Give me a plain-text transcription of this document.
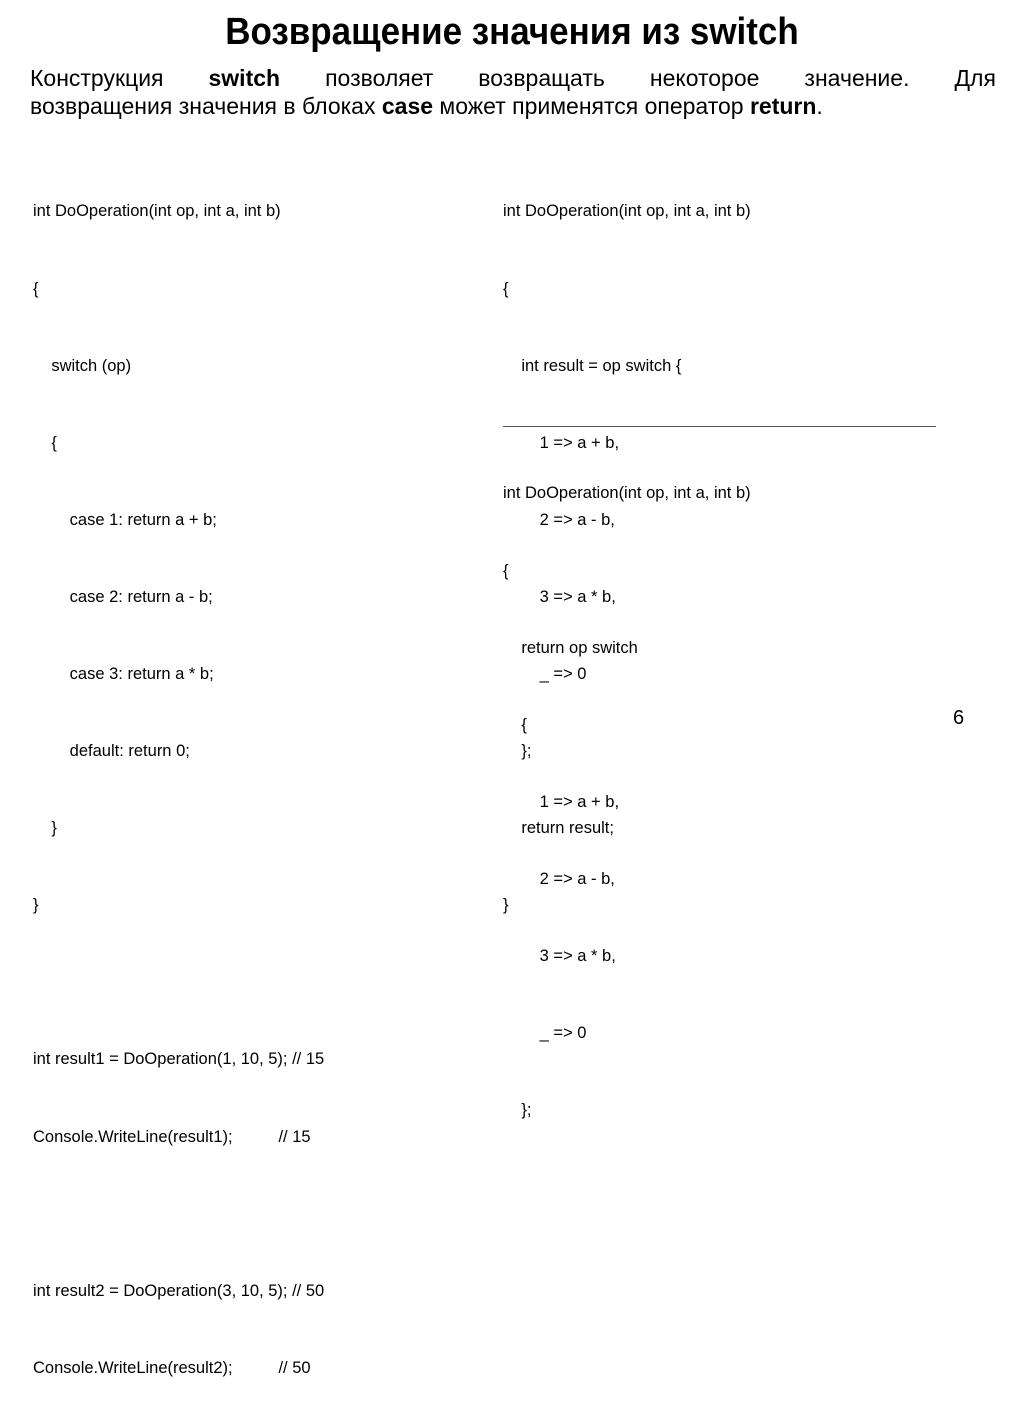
Возвращение значения из switch
Конструкция switch позволяет возвращать некоторое значение. Для
возвращения значения в блоках case может применятся оператор return.

int DoOperation(int op, int a, int b)

{

switch (op)

{

case 1: return a + b;

case 2: return a - b;

case 3: return a * b;

default: return 0;

}

}

int result1 = DoOperation(1, 10, 5); // 15

Console.WriteLine(result1);          // 15

int result2 = DoOperation(3, 10, 5); // 50

Console.WriteLine(result2);          // 50

int DoOperation(int op, int a, int b)

{

int result = op switch {

1 => a + b,

2 => a - b,

3 => a * b,

_ => 0

};

return result;

}

int DoOperation(int op, int a, int b)

{

return op switch

{

1 => a + b,

2 => a - b,

3 => a * b,

_ => 0

};

6
